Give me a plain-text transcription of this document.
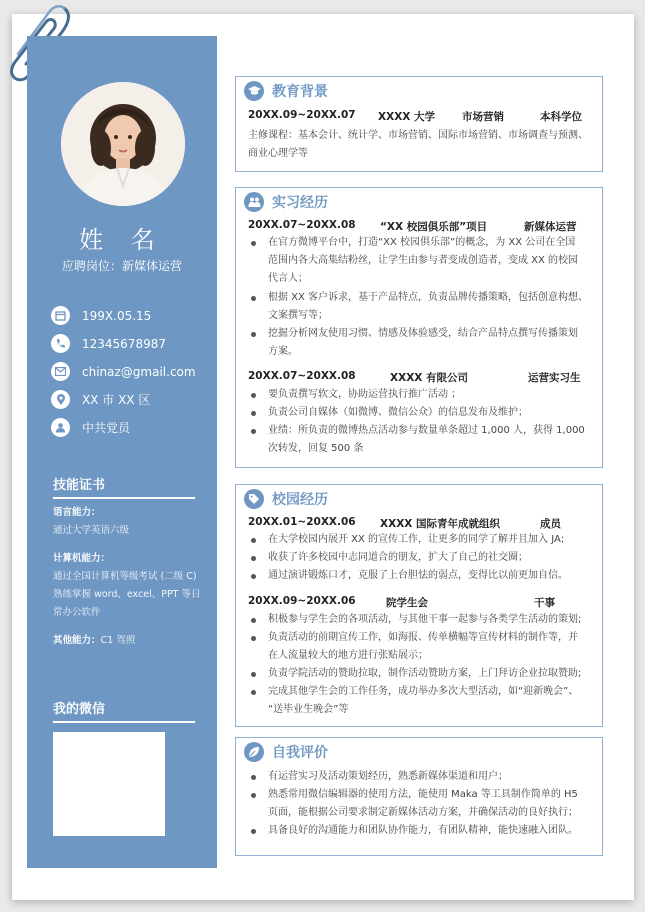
姓 名
应聘岗位：新媒体运营
199X.05.15
12345678987
chinaz@gmail.com
XX 市 XX 区
中共党员
技能证书
语言能力：
通过大学英语六级
计算机能力：
通过全国计算机等级考试 (二级 C)
熟练掌握 word、excel、PPT 等日
常办公软件
其他能力：C1 驾照
我的微信
教育背景
20XX.09~20XX.07 XXXX 大学	市场营销	本科学位
主修课程：基本会计、统计学、市场营销、国际市场营销、市场调查与预测、
商业心理学等
实习经历
20XX.07~20XX.08 “XX 校园俱乐部”项目	新媒体运营
在官方微博平台中，打造“XX 校园俱乐部”的概念，为 XX 公司在全国
范围内各大高集结粉丝，让学生由参与者变成创造者，变成 XX 的校园
代言人；
根据 XX 客户诉求，基于产品特点，负责品牌传播策略，包括创意构想、
文案撰写等；
挖掘分析网友使用习惯、情感及体验感受，结合产品特点撰写传播策划
方案。
20XX.07~20XX.08	XXXX 有限公司	运营实习生
要负责撰写软文，协助运营执行推广活动 ；
负责公司自媒体（如微博、微信公众）的信息发布及维护；
业绩：所负责的微博热点活动参与数量单条超过 1,000 人，获得 1,000
次转发，回复 500 条
校园经历
20XX.01~20XX.06 XXXX 国际青年成就组织	成员
在大学校园内展开 XX 的宣传工作，让更多的同学了解并且加入 JA;
收获了许多校园中志同道合的朋友，扩大了自己的社交圈；
通过演讲锻炼口才，克服了上台胆怯的弱点，变得比以前更加自信。
20XX.09~20XX.06	院学生会	干事
积极参与学生会的各项活动，与其他干事一起参与各类学生活动的策划;
负责活动的前期宣传工作，如海报、传单横幅等宣传材料的制作等，并
在人流量较大的地方进行张贴展示；
负责学院活动的赞助拉取，制作活动赞助方案，上门拜访企业拉取赞助;
完成其他学生会的工作任务，成功举办多次大型活动，如“迎新晚会”、
“送毕业生晚会”等
自我评价
有运营实习及活动策划经历，熟悉新媒体渠道和用户；
熟悉常用微信编辑器的使用方法，能使用 Maka 等工具制作简单的 H5
页面，能根据公司要求制定新媒体活动方案，并确保活动的良好执行；
具备良好的沟通能力和团队协作能力，有团队精神，能快速融入团队。
